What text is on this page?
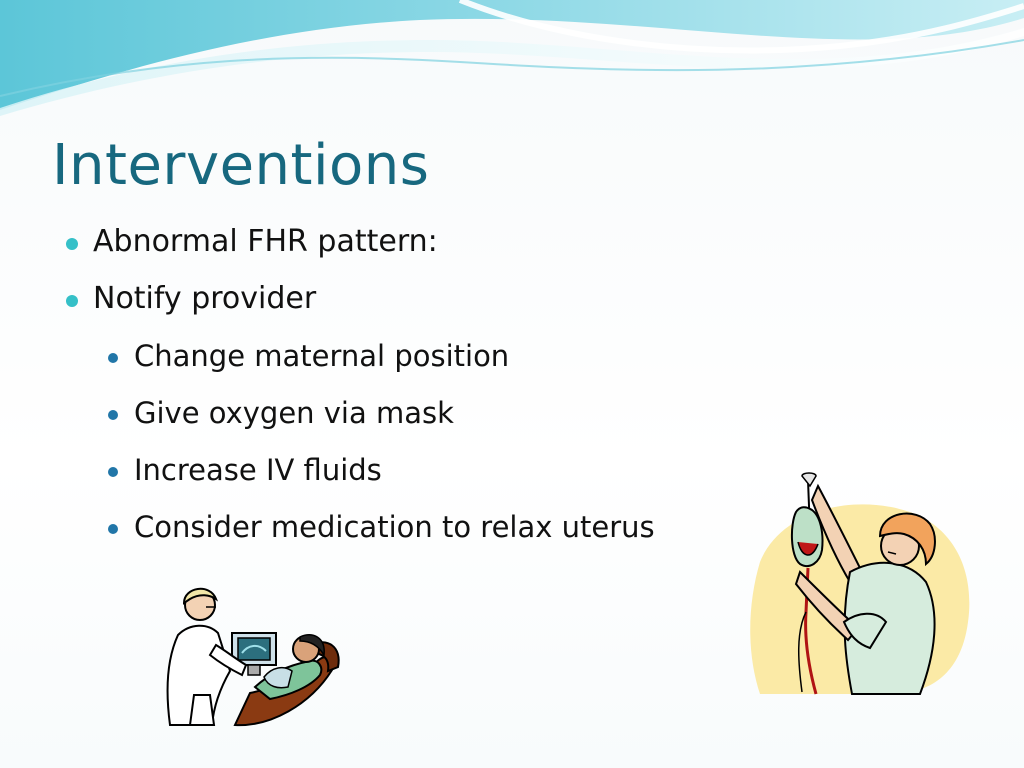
Interventions
Abnormal FHR pattern:
Notify provider
Change maternal position
Give oxygen via mask
Increase IV fluids
Consider medication to relax uterus
